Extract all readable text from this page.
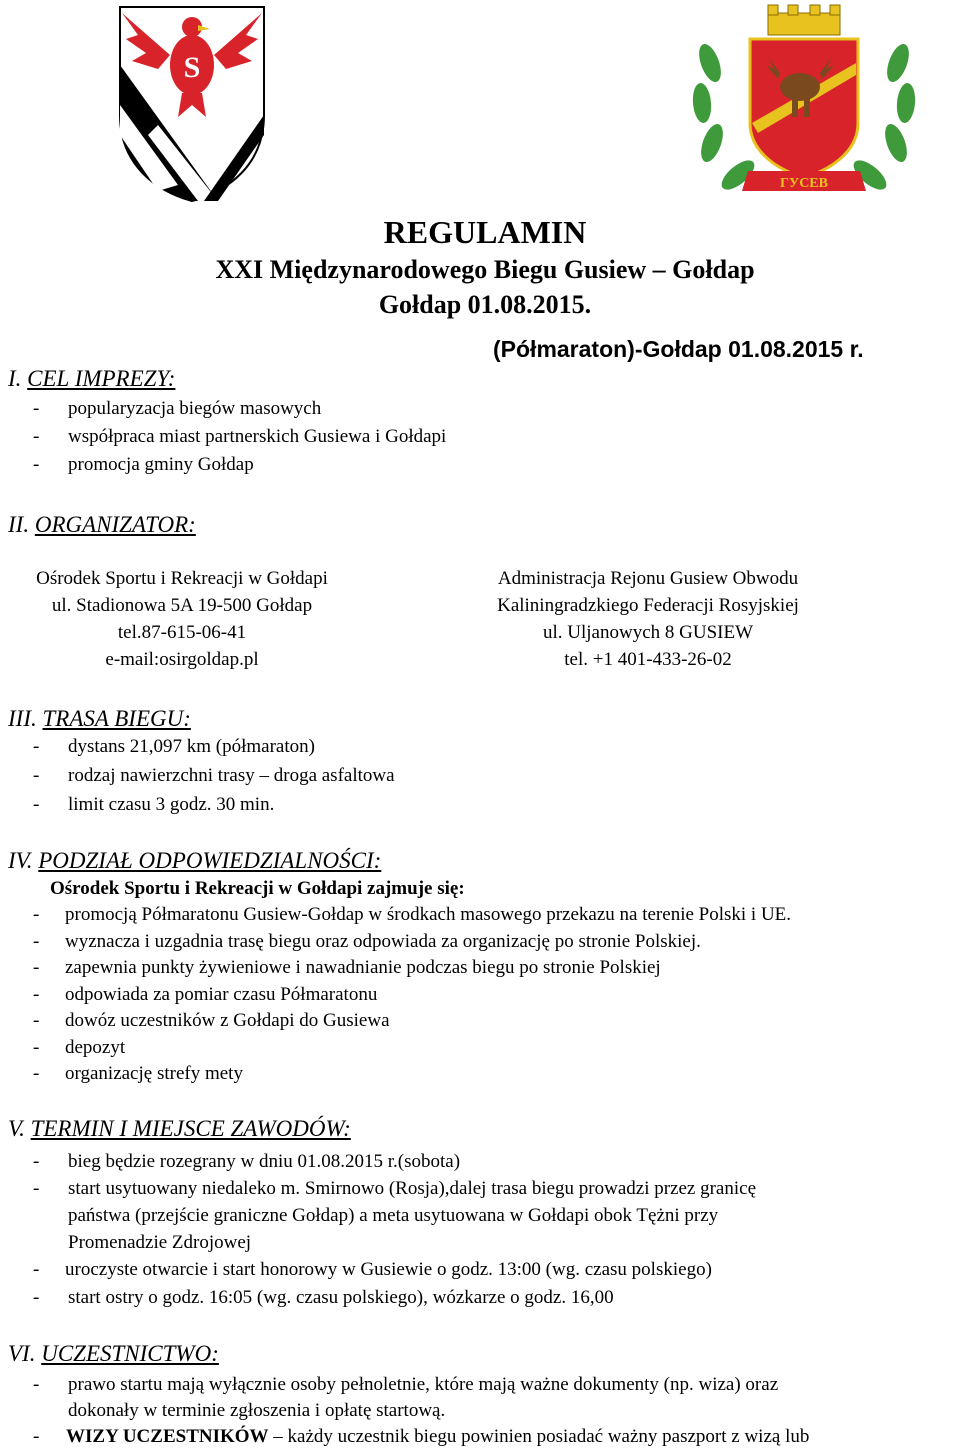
S
ГУСЕВ
REGULAMIN
XXI Międzynarodowego Biegu Gusiew – Gołdap
Gołdap 01.08.2015.
(Półmaraton)-Gołdap 01.08.2015 r.
I. CEL IMPREZY:
- popularyzacja biegów masowych
- współpraca miast partnerskich Gusiewa i Gołdapi
- promocja gminy Gołdap
II. ORGANIZATOR:
Ośrodek Sportu i Rekreacji w Gołdapi
ul. Stadionowa 5A 19-500 Gołdap
tel.87-615-06-41
e-mail:osirgoldap.pl
Administracja Rejonu Gusiew Obwodu
Kaliningradzkiego Federacji Rosyjskiej
ul. Uljanowych 8 GUSIEW
tel. +1 401-433-26-02
III. TRASA BIEGU:
- dystans 21,097 km (półmaraton)
- rodzaj nawierzchni trasy – droga asfaltowa
- limit czasu 3 godz. 30 min.
IV. PODZIAŁ ODPOWIEDZIALNOŚCI:
Ośrodek Sportu i Rekreacji w Gołdapi zajmuje się:
- promocją Półmaratonu Gusiew-Gołdap w środkach masowego przekazu na terenie Polski i UE.
- wyznacza i uzgadnia trasę biegu oraz odpowiada za organizację po stronie Polskiej.
- zapewnia punkty żywieniowe i nawadnianie podczas biegu po stronie Polskiej
- odpowiada za pomiar czasu Półmaratonu
- dowóz uczestników z Gołdapi do Gusiewa
- depozyt
- organizację strefy mety
V. TERMIN I MIEJSCE ZAWODÓW:
- bieg będzie rozegrany w dniu 01.08.2015 r.(sobota)
- start usytuowany niedaleko m. Smirnowo (Rosja),dalej trasa biegu prowadzi przez granicę
państwa (przejście graniczne Gołdap) a meta usytuowana w Gołdapi obok Tężni przy
Promenadzie Zdrojowej
- uroczyste otwarcie i start honorowy w Gusiewie o godz. 13:00 (wg. czasu polskiego)
- start ostry o godz. 16:05 (wg. czasu polskiego), wózkarze o godz. 16,00
VI. UCZESTNICTWO:
- prawo startu mają wyłącznie osoby pełnoletnie, które mają ważne dokumenty (np. wiza) oraz
dokonały w terminie zgłoszenia i opłatę startową.
- WIZY UCZESTNIKÓW – każdy uczestnik biegu powinien posiadać ważny paszport z wizą lub
